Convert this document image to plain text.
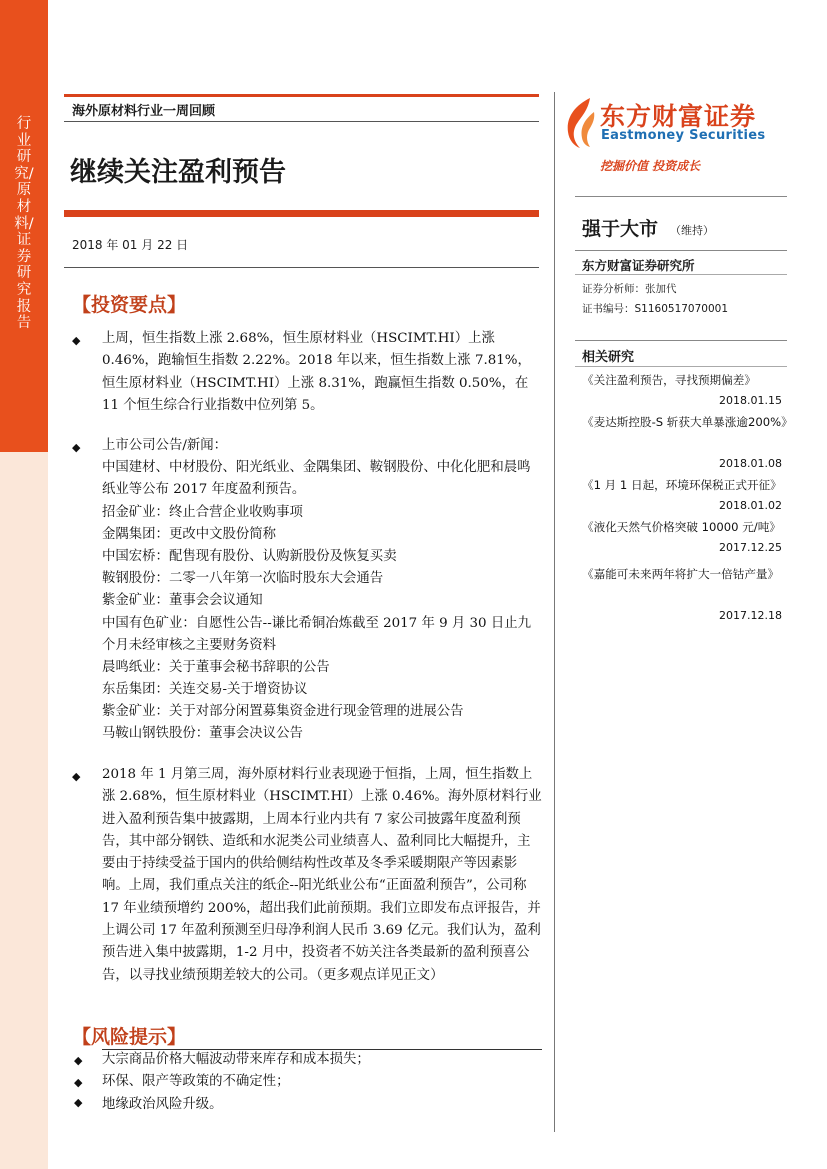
行业研究/原材料/证券研究报告
海外原材料行业一周回顾
继续关注盈利预告
2018 年 01 月 22 日
东方财富证券
Eastmoney Securities
挖掘价值 投资成长
强于大市 （维持）
东方财富证券研究所
证券分析师：张加代
证书编号：S1160517070001
相关研究
《关注盈利预告，寻找预期偏差》
2018.01.15
《麦达斯控股-S 斩获大单暴涨逾200%》
2018.01.08
《1 月 1 日起，环境环保税正式开征》
2018.01.02
《液化天然气价格突破 10000 元/吨》
2017.12.25
《嘉能可未来两年将扩大一倍钴产量》
2017.12.18
【投资要点】
◆ 上周，恒生指数上涨 2.68%，恒生原材料业（HSCIMT.HI）上涨 0.46%，跑输恒生指数 2.22%。2018 年以来，恒生指数上涨 7.81%，恒生原材料业（HSCIMT.HI）上涨 8.31%，跑赢恒生指数 0.50%，在 11 个恒生综合行业指数中位列第 5。
◆ 上市公司公告/新闻：
中国建材、中材股份、阳光纸业、金隅集团、鞍钢股份、中化化肥和晨鸣纸业等公布 2017 年度盈利预告。
招金矿业：终止合营企业收购事项
金隅集团：更改中文股份简称
中国宏桥：配售现有股份、认购新股份及恢复买卖
鞍钢股份：二零一八年第一次临时股东大会通告
紫金矿业：董事会会议通知
中国有色矿业：自愿性公告--谦比希铜冶炼截至 2017 年 9 月 30 日止九个月未经审核之主要财务资料
晨鸣纸业：关于董事会秘书辞职的公告
东岳集团：关连交易-关于增资协议
紫金矿业：关于对部分闲置募集资金进行现金管理的进展公告
马鞍山钢铁股份：董事会决议公告
◆ 2018 年 1 月第三周，海外原材料行业表现逊于恒指，上周，恒生指数上涨 2.68%，恒生原材料业（HSCIMT.HI）上涨 0.46%。海外原材料行业进入盈利预告集中披露期，上周本行业内共有 7 家公司披露年度盈利预告，其中部分钢铁、造纸和水泥类公司业绩喜人、盈利同比大幅提升，主要由于持续受益于国内的供给侧结构性改革及冬季采暖期限产等因素影响。上周，我们重点关注的纸企--阳光纸业公布“正面盈利预告”，公司称 17 年业绩预增约 200%，超出我们此前预期。我们立即发布点评报告，并上调公司 17 年盈利预测至归母净利润人民币 3.69 亿元。我们认为，盈利预告进入集中披露期，1-2 月中，投资者不妨关注各类最新的盈利预喜公告，以寻找业绩预期差较大的公司。（更多观点详见正文）
【风险提示】
◆ 大宗商品价格大幅波动带来库存和成本损失；
◆ 环保、限产等政策的不确定性；
◆ 地缘政治风险升级。
